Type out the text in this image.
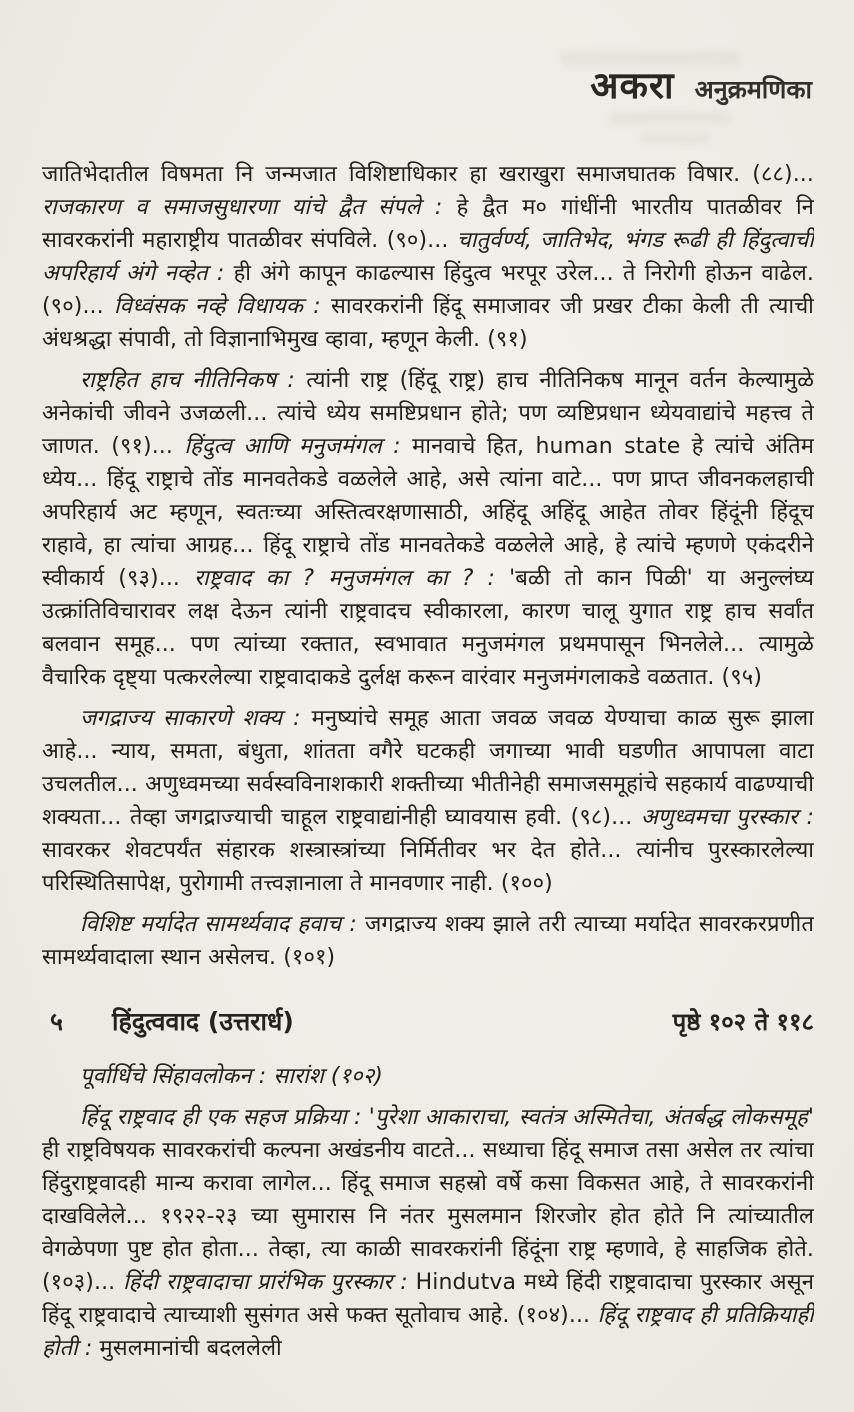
अकरा अनुक्रमणिका

जातिभेदातील विषमता नि जन्मजात विशिष्टाधिकार हा खराखुरा समाजघातक विषार. (८८)... राजकारण व समाजसुधारणा यांचे द्वैत संपले : हे द्वैत म० गांधींनी भारतीय पातळीवर नि सावरकरांनी महाराष्ट्रीय पातळीवर संपविले. (९०)... चातुर्वर्ण्य, जातिभेद, भंगड रूढी ही हिंदुत्वाची अपरिहार्य अंगे नव्हेत : ही अंगे कापून काढल्यास हिंदुत्व भरपूर उरेल... ते निरोगी होऊन वाढेल. (९०)... विध्वंसक नव्हे विधायक : सावरकरांनी हिंदू समाजावर जी प्रखर टीका केली ती त्याची अंधश्रद्धा संपावी, तो विज्ञानाभिमुख व्हावा, म्हणून केली. (९१)

राष्ट्रहित हाच नीतिनिकष : त्यांनी राष्ट्र (हिंदू राष्ट्र) हाच नीतिनिकष मानून वर्तन केल्यामुळे अनेकांची जीवने उजळली... त्यांचे ध्येय समष्टिप्रधान होते; पण व्यष्टिप्रधान ध्येयवाद्यांचे महत्त्व ते जाणत. (९१)... हिंदुत्व आणि मनुजमंगल : मानवाचे हित, human state हे त्यांचे अंतिम ध्येय... हिंदू राष्ट्राचे तोंड मानवतेकडे वळलेले आहे, असे त्यांना वाटे... पण प्राप्त जीवनकलहाची अपरिहार्य अट म्हणून, स्वतःच्या अस्तित्वरक्षणासाठी, अहिंदू अहिंदू आहेत तोवर हिंदूंनी हिंदूच राहावे, हा त्यांचा आग्रह... हिंदू राष्ट्राचे तोंड मानवतेकडे वळलेले आहे, हे त्यांचे म्हणणे एकंदरीने स्वीकार्य (९३)... राष्ट्रवाद का ? मनुजमंगल का ? : 'बळी तो कान पिळी' या अनुल्लंघ्य उत्क्रांतिविचारावर लक्ष देऊन त्यांनी राष्ट्रवादच स्वीकारला, कारण चालू युगात राष्ट्र हाच सर्वांत बलवान समूह... पण त्यांच्या रक्तात, स्वभावात मनुजमंगल प्रथमपासून भिनलेले... त्यामुळे वैचारिक दृष्ट्या पत्करलेल्या राष्ट्रवादाकडे दुर्लक्ष करून वारंवार मनुजमंगलाकडे वळतात. (९५)

जगद्राज्य साकारणे शक्य : मनुष्यांचे समूह आता जवळ जवळ येण्याचा काळ सुरू झाला आहे... न्याय, समता, बंधुता, शांतता वगैरे घटकही जगाच्या भावी घडणीत आपापला वाटा उचलतील... अणुध्वमच्या सर्वस्वविनाशकारी शक्तीच्या भीतीनेही समाजसमूहांचे सहकार्य वाढण्याची शक्यता... तेव्हा जगद्राज्याची चाहूल राष्ट्रवाद्यांनीही घ्यावयास हवी. (९८)... अणुध्वमचा पुरस्कार : सावरकर शेवटपर्यंत संहारक शस्त्रास्त्रांच्या निर्मितीवर भर देत होते... त्यांनीच पुरस्कारलेल्या परिस्थितिसापेक्ष, पुरोगामी तत्त्वज्ञानाला ते मानवणार नाही. (१००)

विशिष्ट मर्यादेत सामर्थ्यवाद हवाच : जगद्राज्य शक्य झाले तरी त्याच्या मर्यादेत सावरकरप्रणीत सामर्थ्यवादाला स्थान असेलच. (१०१)

५	हिंदुत्ववाद (उत्तरार्ध)	पृष्ठे १०२ ते ११८

पूर्वार्धिचे सिंहावलोकन : सारांश (१०२)

हिंदू राष्ट्रवाद ही एक सहज प्रक्रिया : 'पुरेशा आकाराचा, स्वतंत्र अस्मितेचा, अंतर्बद्ध लोकसमूह' ही राष्ट्रविषयक सावरकरांची कल्पना अखंडनीय वाटते... सध्याचा हिंदू समाज तसा असेल तर त्यांचा हिंदुराष्ट्रवादही मान्य करावा लागेल... हिंदू समाज सहस्रो वर्षे कसा विकसत आहे, ते सावरकरांनी दाखविलेले... १९२२-२३ च्या सुमारास नि नंतर मुसलमान शिरजोर होत होते नि त्यांच्यातील वेगळेपणा पुष्ट होत होता... तेव्हा, त्या काळी सावरकरांनी हिंदूंना राष्ट्र म्हणावे, हे साहजिक होते. (१०३)... हिंदी राष्ट्रवादाचा प्रारंभिक पुरस्कार : Hindutva मध्ये हिंदी राष्ट्रवादाचा पुरस्कार असून हिंदू राष्ट्रवादाचे त्याच्याशी सुसंगत असे फक्त सूतोवाच आहे. (१०४)... हिंदू राष्ट्रवाद ही प्रतिक्रियाही होती : मुसलमानांची बदललेली
